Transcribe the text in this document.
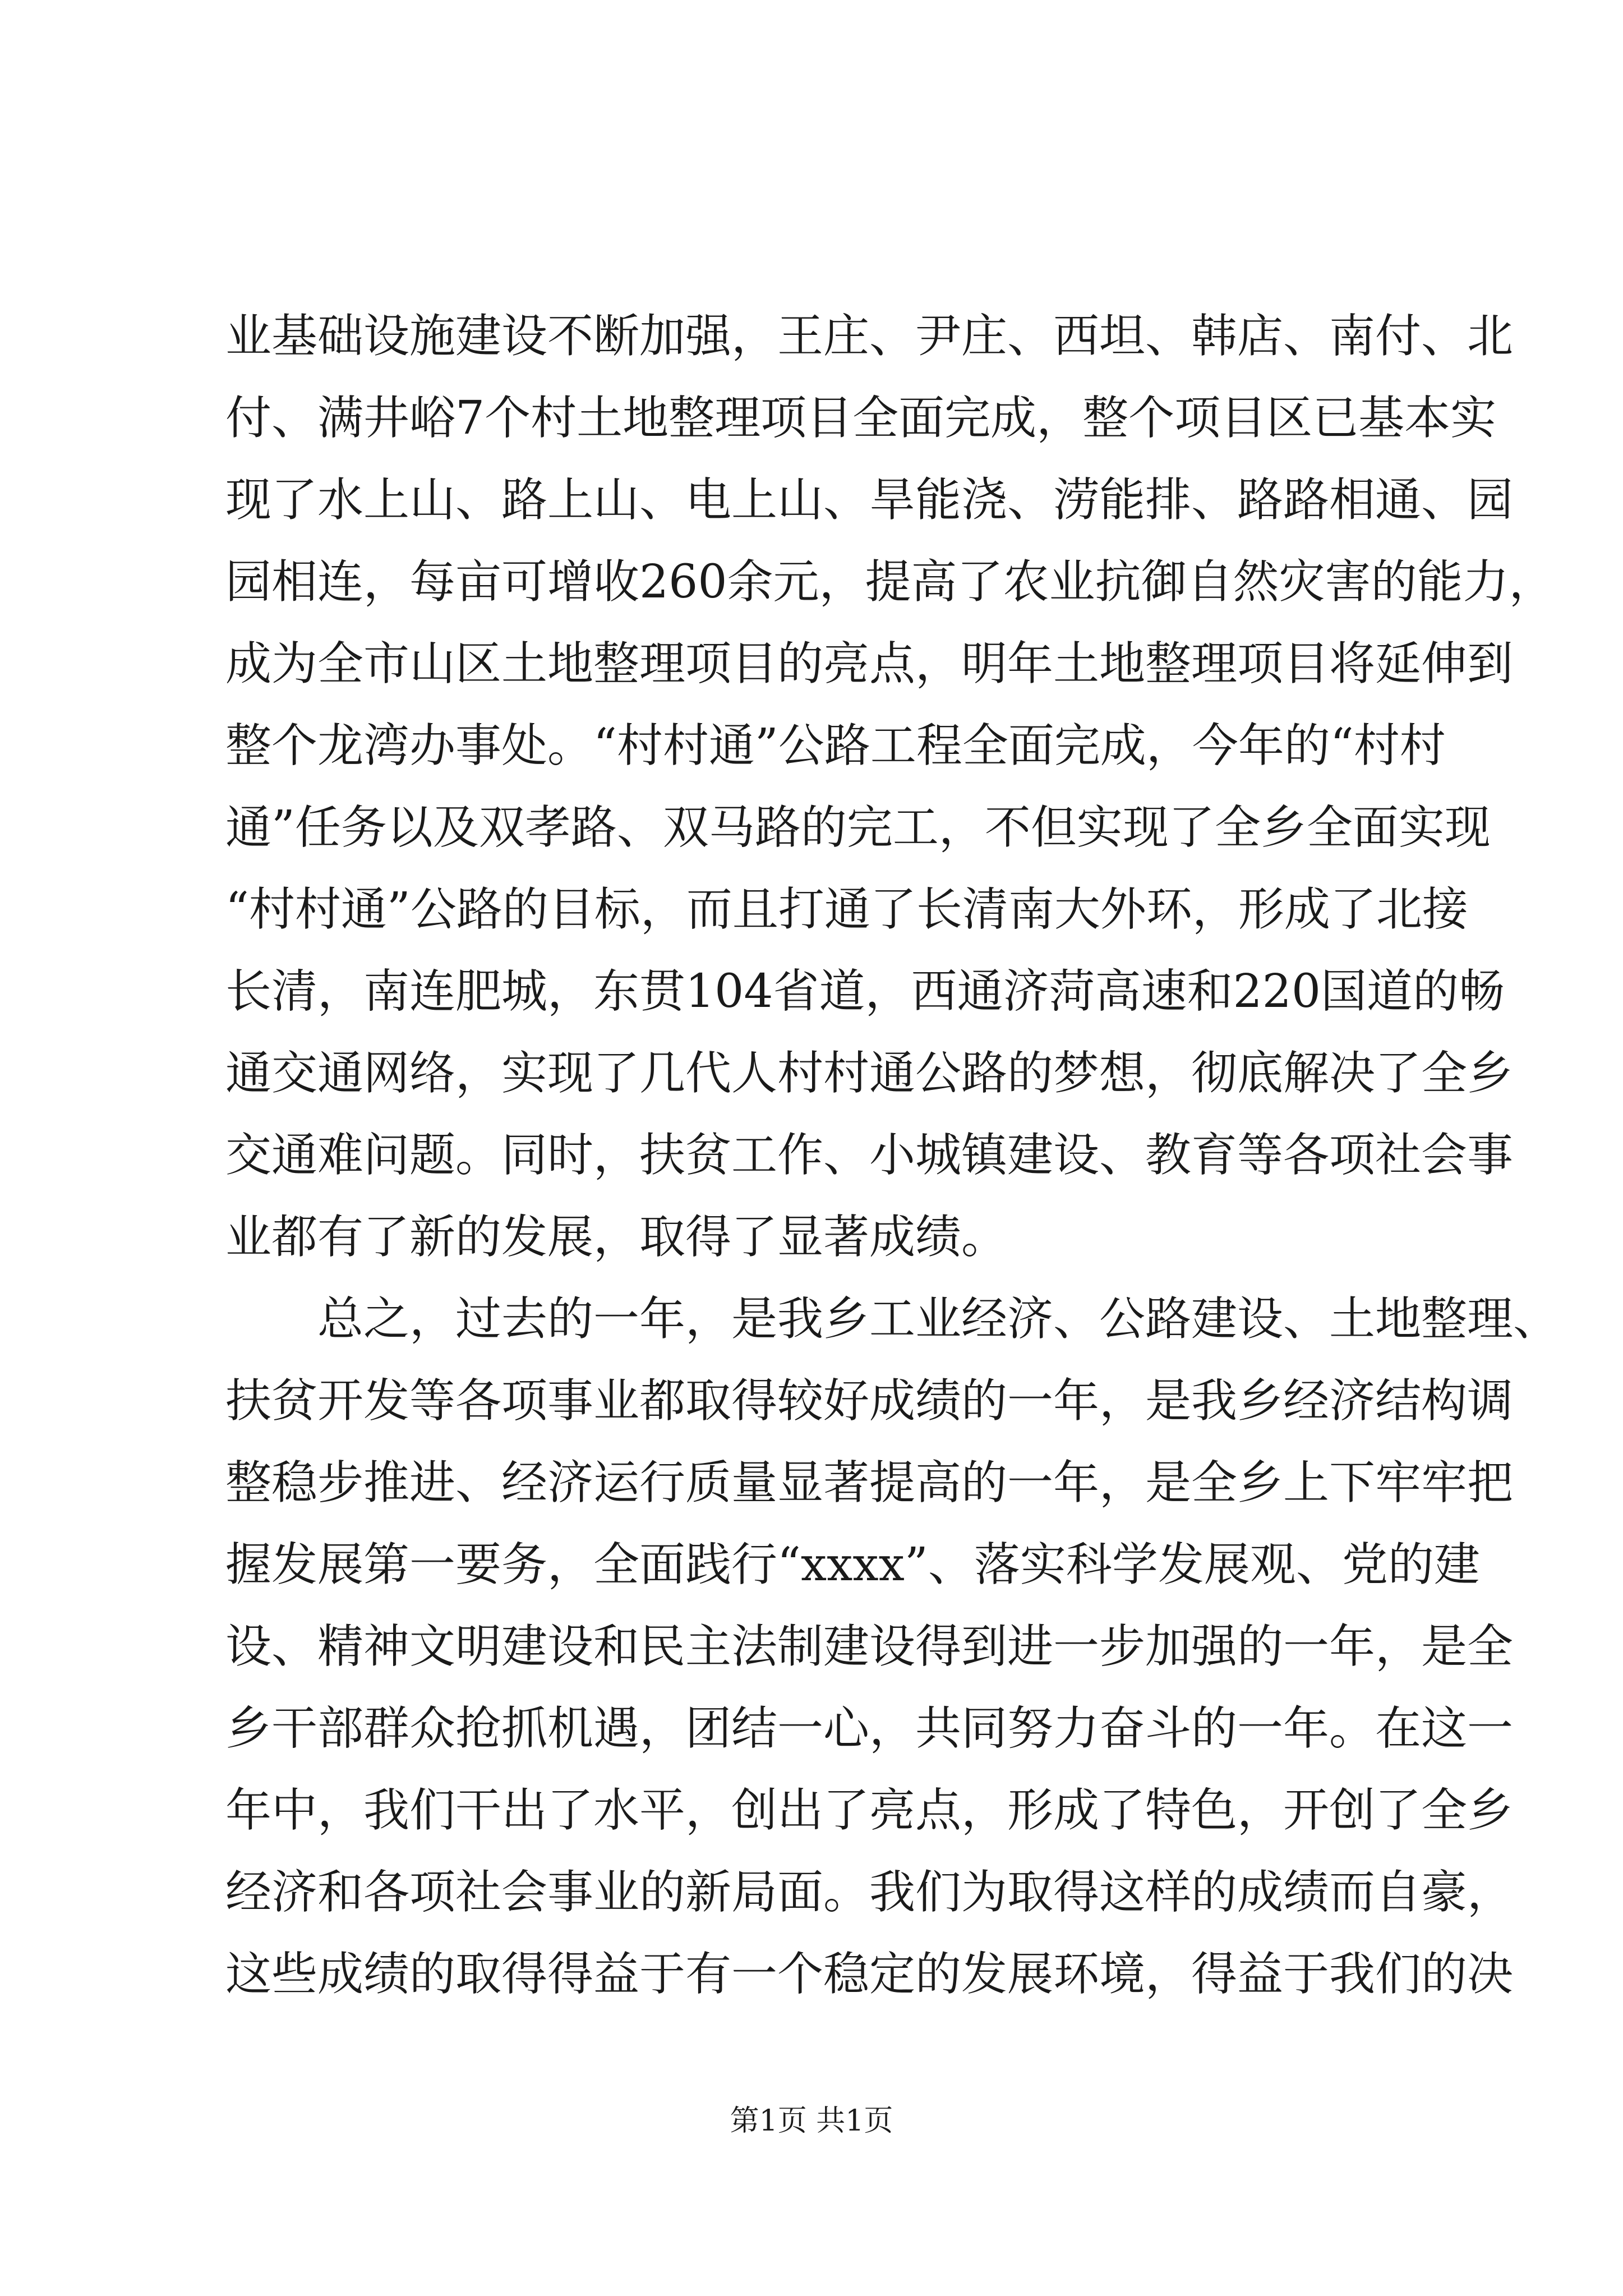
业基础设施建设不断加强，王庄、尹庄、西坦、韩店、南付、北
付、满井峪7个村土地整理项目全面完成，整个项目区已基本实
现了水上山、路上山、电上山、旱能浇、涝能排、路路相通、园
园相连，每亩可增收260余元，提高了农业抗御自然灾害的能力，
成为全市山区土地整理项目的亮点，明年土地整理项目将延伸到
整个龙湾办事处。“村村通”公路工程全面完成，今年的“村村
通”任务以及双孝路、双马路的完工，不但实现了全乡全面实现
“村村通”公路的目标，而且打通了长清南大外环，形成了北接
长清，南连肥城，东贯104省道，西通济菏高速和220国道的畅
通交通网络，实现了几代人村村通公路的梦想，彻底解决了全乡
交通难问题。同时，扶贫工作、小城镇建设、教育等各项社会事
业都有了新的发展，取得了显著成绩。
　　总之，过去的一年，是我乡工业经济、公路建设、土地整理、
扶贫开发等各项事业都取得较好成绩的一年，是我乡经济结构调
整稳步推进、经济运行质量显著提高的一年，是全乡上下牢牢把
握发展第一要务，全面践行“xxxx”、落实科学发展观、党的建
设、精神文明建设和民主法制建设得到进一步加强的一年，是全
乡干部群众抢抓机遇，团结一心，共同努力奋斗的一年。在这一
年中，我们干出了水平，创出了亮点，形成了特色，开创了全乡
经济和各项社会事业的新局面。我们为取得这样的成绩而自豪，
这些成绩的取得得益于有一个稳定的发展环境，得益于我们的决
第1页 共1页
